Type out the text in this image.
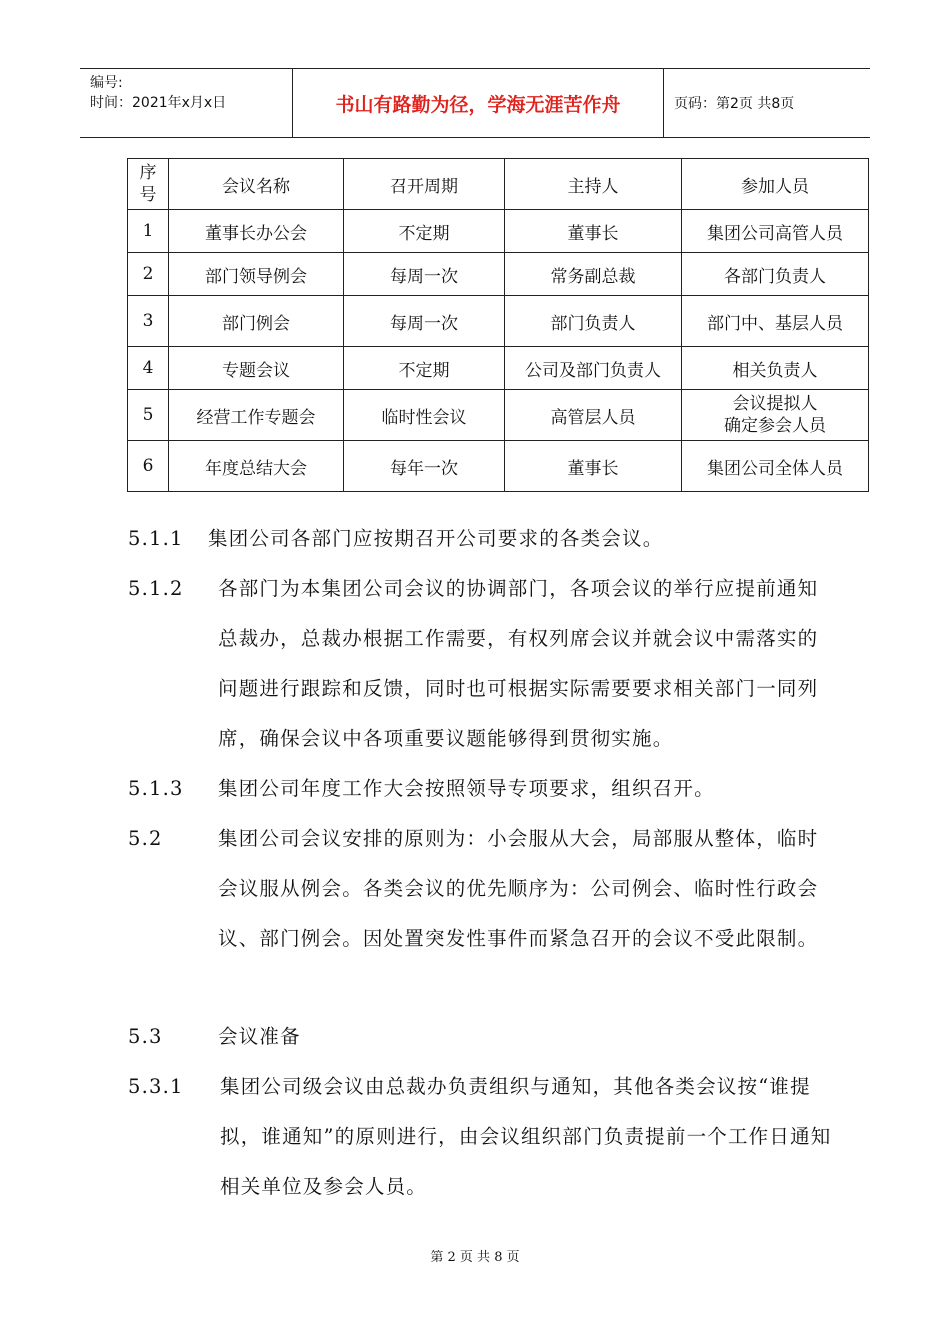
编号:
时间：2021年x月x日	书山有路勤为径，学海无涯苦作舟	页码：第2页 共8页
序
号	会议名称	召开周期	主持人	参加人员
1	董事长办公会	不定期	董事长	集团公司高管人员
2	部门领导例会	每周一次	常务副总裁	各部门负责人
3	部门例会	每周一次	部门负责人	部门中、基层人员
4	专题会议	不定期	公司及部门负责人	相关负责人
5	经营工作专题会	临时性会议	高管层人员	会议提拟人
确定参会人员
6	年度总结大会	每年一次	董事长	集团公司全体人员
5.1.1 集团公司各部门应按期召开公司要求的各类会议。
5.1.2 各部门为本集团公司会议的协调部门，各项会议的举行应提前通知总裁办，总裁办根据工作需要，有权列席会议并就会议中需落实的问题进行跟踪和反馈，同时也可根据实际需要要求相关部门一同列席，确保会议中各项重要议题能够得到贯彻实施。
5.1.3 集团公司年度工作大会按照领导专项要求，组织召开。
5.2	集团公司会议安排的原则为：小会服从大会，局部服从整体，临时会议服从例会。各类会议的优先顺序为：公司例会、临时性行政会议、部门例会。因处置突发性事件而紧急召开的会议不受此限制。
5.3	会议准备
5.3.1 集团公司级会议由总裁办负责组织与通知，其他各类会议按“谁提拟，谁通知”的原则进行，由会议组织部门负责提前一个工作日通知相关单位及参会人员。
第 2 页 共 8 页
